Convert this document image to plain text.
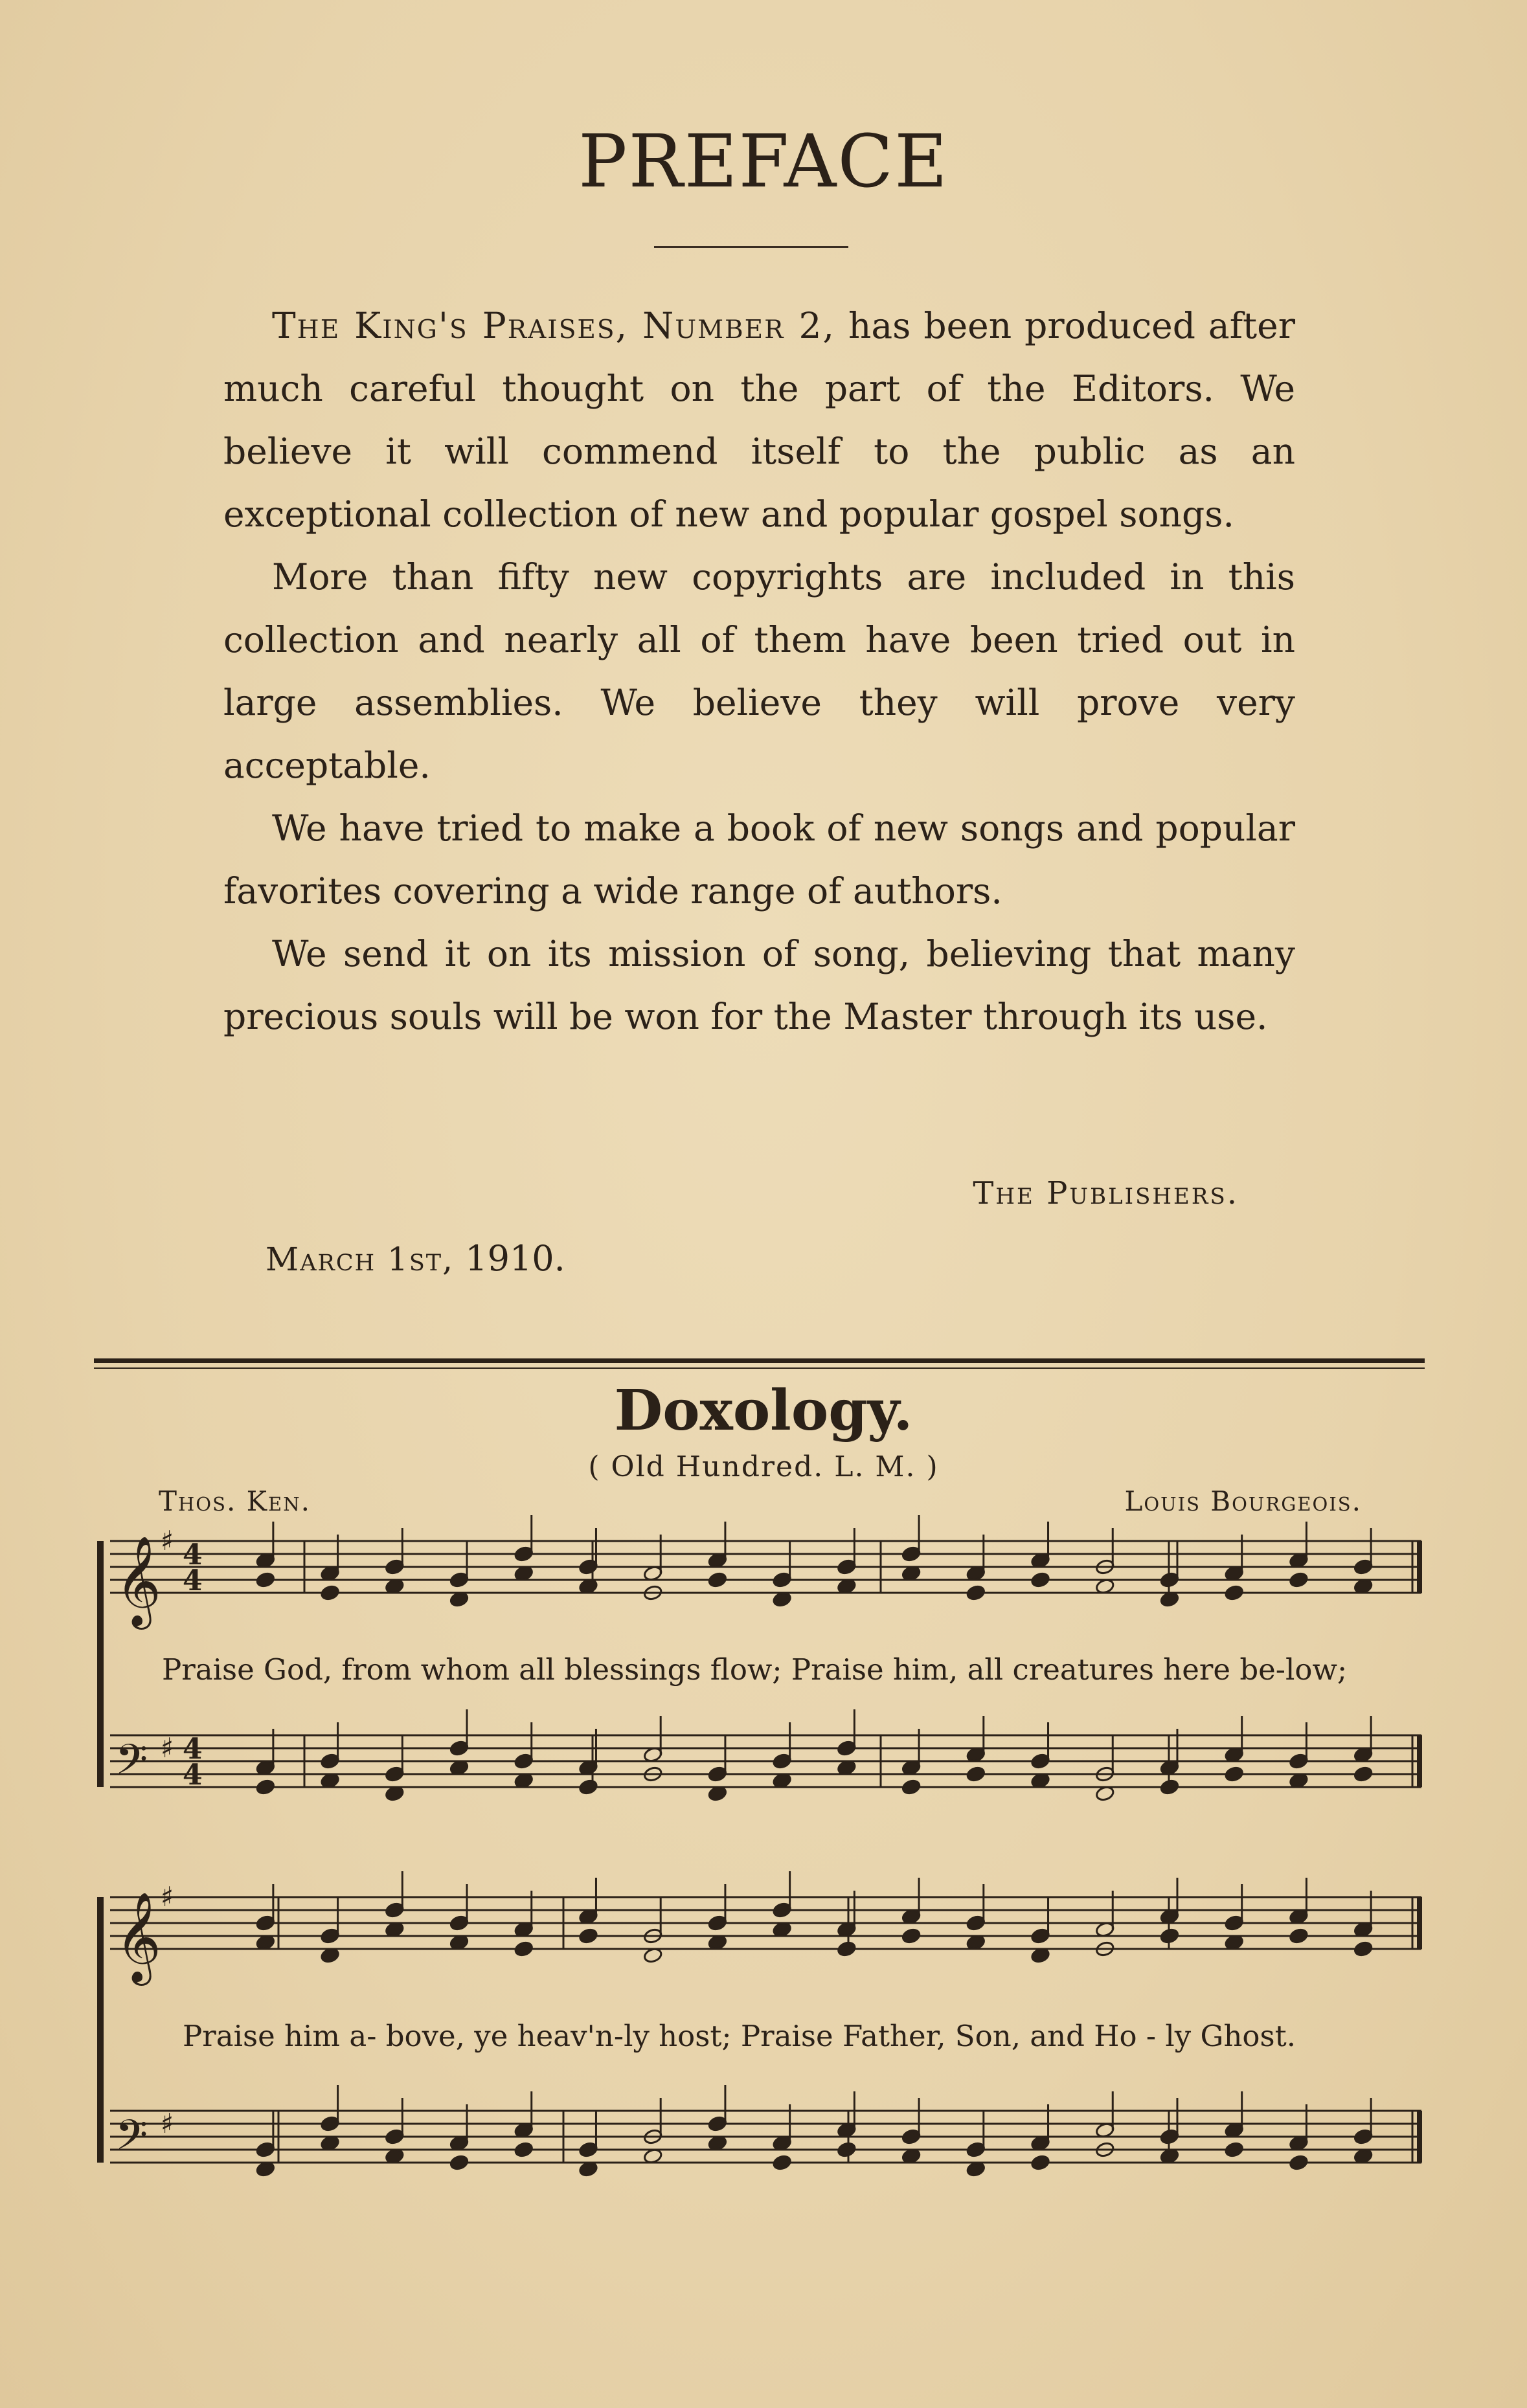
PREFACE

The King's Praises, Number 2, has been produced after much careful thought on the part of the Editors. We believe it will commend itself to the public as an exceptional collection of new and popular gospel songs.

More than fifty new copyrights are included in this collection and nearly all of them have been tried out in large assemblies. We believe they will prove very acceptable.

We have tried to make a book of new songs and popular favorites covering a wide range of authors.

We send it on its mission of song, believing that many precious souls will be won for the Master through its use.

The Publishers.
March 1st, 1910.
Doxology.
( Old Hundred. L. M. )
Thos. Ken.	Louis Bourgeois.
𝄞 ♯ 4
4
𝄢 ♯ 4
4
𝄞 ♯
𝄢 ♯
Praise God, from whom all blessings flow; Praise him, all creatures here be-low;
Praise him a- bove, ye heav'n-ly host; Praise Father, Son, and Ho - ly Ghost.
